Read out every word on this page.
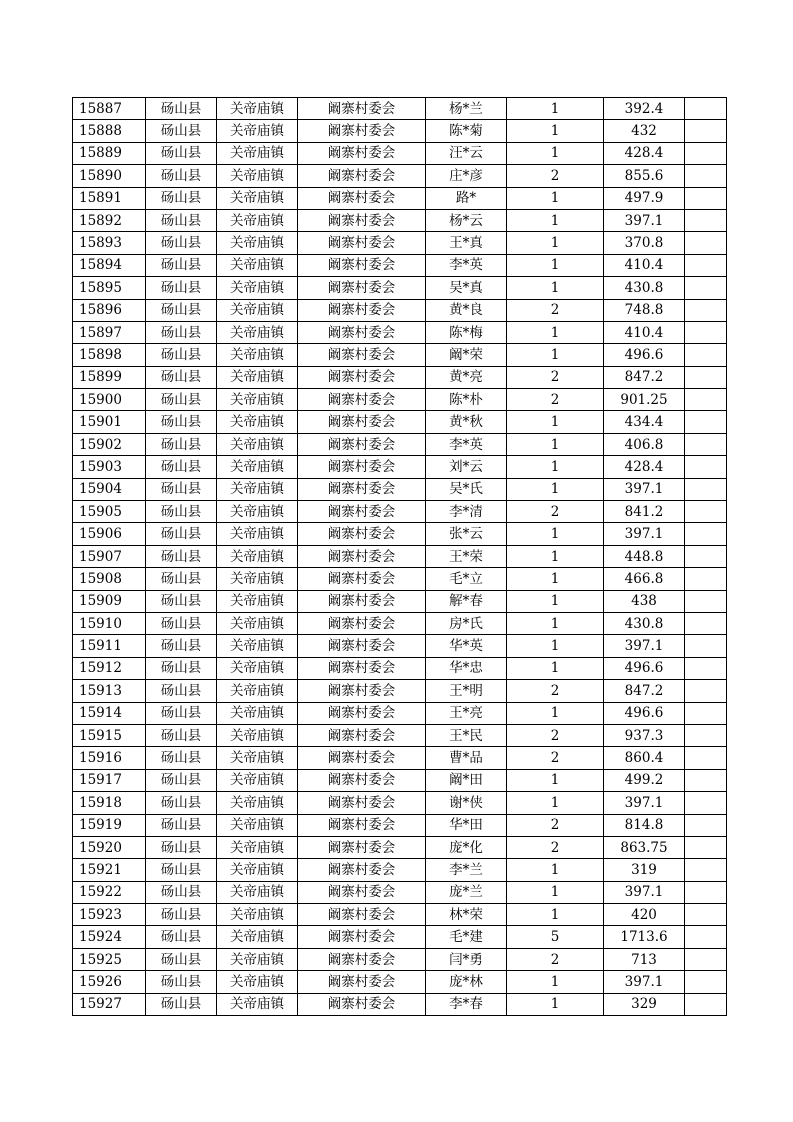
15887	砀山县	关帝庙镇	阚寨村委会	杨*兰	1	392.4	
15888	砀山县	关帝庙镇	阚寨村委会	陈*菊	1	432	
15889	砀山县	关帝庙镇	阚寨村委会	汪*云	1	428.4	
15890	砀山县	关帝庙镇	阚寨村委会	庄*彦	2	855.6	
15891	砀山县	关帝庙镇	阚寨村委会	路*	1	497.9	
15892	砀山县	关帝庙镇	阚寨村委会	杨*云	1	397.1	
15893	砀山县	关帝庙镇	阚寨村委会	王*真	1	370.8	
15894	砀山县	关帝庙镇	阚寨村委会	李*英	1	410.4	
15895	砀山县	关帝庙镇	阚寨村委会	吴*真	1	430.8	
15896	砀山县	关帝庙镇	阚寨村委会	黄*良	2	748.8	
15897	砀山县	关帝庙镇	阚寨村委会	陈*梅	1	410.4	
15898	砀山县	关帝庙镇	阚寨村委会	阚*荣	1	496.6	
15899	砀山县	关帝庙镇	阚寨村委会	黄*亮	2	847.2	
15900	砀山县	关帝庙镇	阚寨村委会	陈*朴	2	901.25	
15901	砀山县	关帝庙镇	阚寨村委会	黄*秋	1	434.4	
15902	砀山县	关帝庙镇	阚寨村委会	李*英	1	406.8	
15903	砀山县	关帝庙镇	阚寨村委会	刘*云	1	428.4	
15904	砀山县	关帝庙镇	阚寨村委会	吴*氏	1	397.1	
15905	砀山县	关帝庙镇	阚寨村委会	李*清	2	841.2	
15906	砀山县	关帝庙镇	阚寨村委会	张*云	1	397.1	
15907	砀山县	关帝庙镇	阚寨村委会	王*荣	1	448.8	
15908	砀山县	关帝庙镇	阚寨村委会	毛*立	1	466.8	
15909	砀山县	关帝庙镇	阚寨村委会	解*春	1	438	
15910	砀山县	关帝庙镇	阚寨村委会	房*氏	1	430.8	
15911	砀山县	关帝庙镇	阚寨村委会	华*英	1	397.1	
15912	砀山县	关帝庙镇	阚寨村委会	华*忠	1	496.6	
15913	砀山县	关帝庙镇	阚寨村委会	王*明	2	847.2	
15914	砀山县	关帝庙镇	阚寨村委会	王*亮	1	496.6	
15915	砀山县	关帝庙镇	阚寨村委会	王*民	2	937.3	
15916	砀山县	关帝庙镇	阚寨村委会	曹*品	2	860.4	
15917	砀山县	关帝庙镇	阚寨村委会	阚*田	1	499.2	
15918	砀山县	关帝庙镇	阚寨村委会	谢*侠	1	397.1	
15919	砀山县	关帝庙镇	阚寨村委会	华*田	2	814.8	
15920	砀山县	关帝庙镇	阚寨村委会	庞*化	2	863.75	
15921	砀山县	关帝庙镇	阚寨村委会	李*兰	1	319	
15922	砀山县	关帝庙镇	阚寨村委会	庞*兰	1	397.1	
15923	砀山县	关帝庙镇	阚寨村委会	林*荣	1	420	
15924	砀山县	关帝庙镇	阚寨村委会	毛*建	5	1713.6	
15925	砀山县	关帝庙镇	阚寨村委会	闫*勇	2	713	
15926	砀山县	关帝庙镇	阚寨村委会	庞*林	1	397.1	
15927	砀山县	关帝庙镇	阚寨村委会	李*春	1	329	
